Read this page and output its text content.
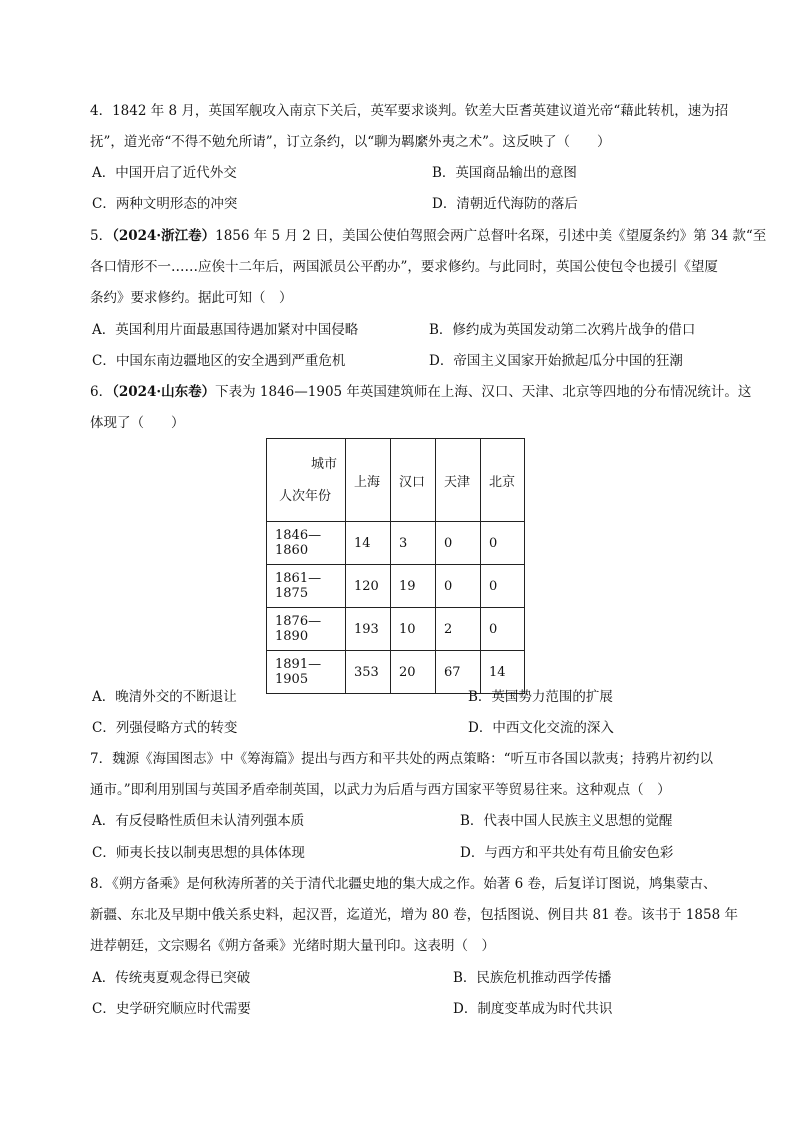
4．1842 年 8 月，英国军舰攻入南京下关后，英军要求谈判。钦差大臣耆英建议道光帝“藉此转机，速为招
抚”，道光帝“不得不勉允所请”，订立条约，以“聊为羁縻外夷之术”。这反映了（　　）
A．中国开启了近代外交	B．英国商品输出的意图
C．两种文明形态的冲突	D．清朝近代海防的落后
5．（2024·浙江卷）1856 年 5 月 2 日，美国公使伯驾照会两广总督叶名琛，引述中美《望厦条约》第 34 款“至
各口情形不一……应俟十二年后，两国派员公平酌办”，要求修约。与此同时，英国公使包令也援引《望厦
条约》要求修约。据此可知（　）
A．英国利用片面最惠国待遇加紧对中国侵略	B．修约成为英国发动第二次鸦片战争的借口
C．中国东南边疆地区的安全遇到严重危机	D．帝国主义国家开始掀起瓜分中国的狂潮
6．（2024·山东卷）下表为 1846—1905 年英国建筑师在上海、汉口、天津、北京等四地的分布情况统计。这
体现了（　　）
城市
人次年份	上海	汉口	天津	北京
1846—1860	14	3	0	0
1861—1875	120	19	0	0
1876—1890	193	10	2	0
1891—1905	353	20	67	14
A．晚清外交的不断退让	B．英国势力范围的扩展
C．列强侵略方式的转变	D．中西文化交流的深入
7．魏源《海国图志》中《筹海篇》提出与西方和平共处的两点策略：“听互市各国以款夷；持鸦片初约以
通市。”即利用别国与英国矛盾牵制英国，以武力为后盾与西方国家平等贸易往来。这种观点（　）
A．有反侵略性质但未认清列强本质	B．代表中国人民族主义思想的觉醒
C．师夷长技以制夷思想的具体体现	D．与西方和平共处有苟且偷安色彩
8．《朔方备乘》是何秋涛所著的关于清代北疆史地的集大成之作。始著 6 卷，后复详订图说，鸠集蒙古、
新疆、东北及早期中俄关系史料，起汉晋，迄道光，增为 80 卷，包括图说、例目共 81 卷。该书于 1858 年
进荐朝廷，文宗赐名《朔方备乘》光绪时期大量刊印。这表明（　）
A．传统夷夏观念得已突破	B．民族危机推动西学传播
C．史学研究顺应时代需要	D．制度变革成为时代共识
